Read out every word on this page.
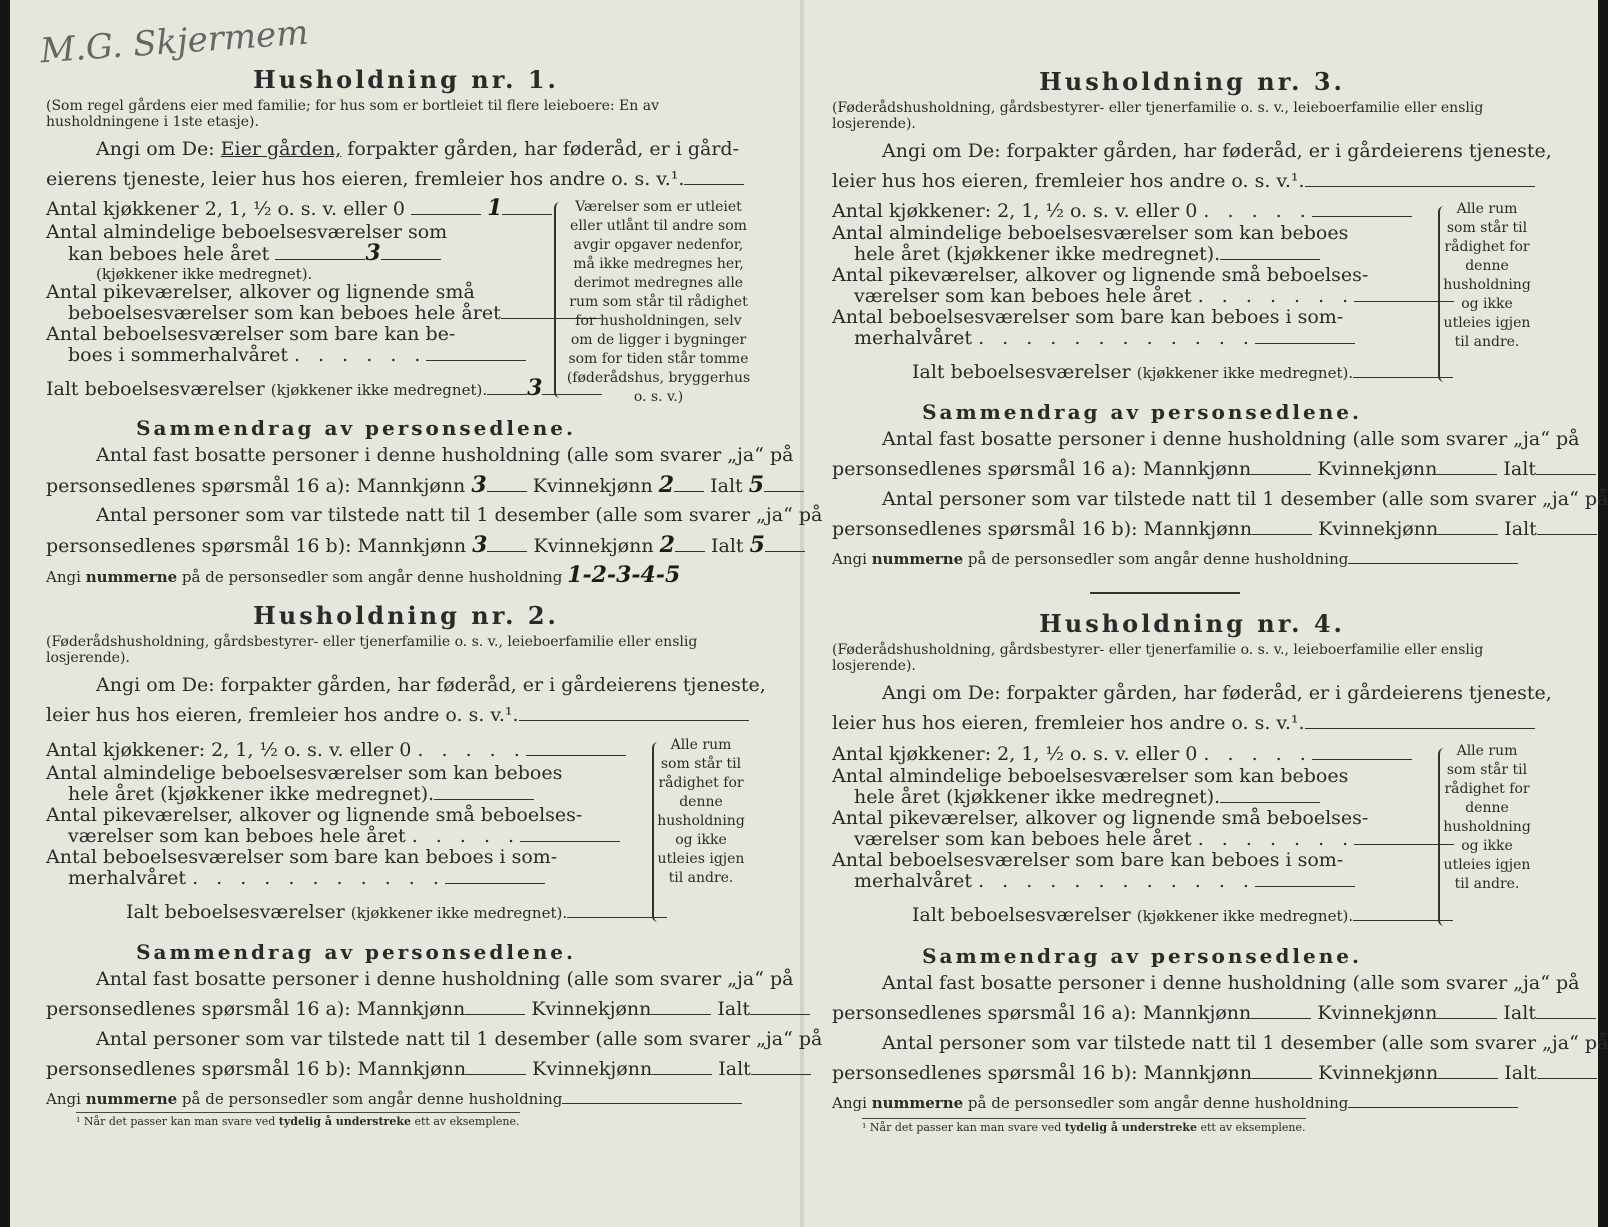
M.G. Skjermem
Husholdning nr. 1.
(Som regel gårdens eier med familie; for hus som er bortleiet til flere leieboere: En av husholdningene i 1ste etasje).
Angi om De: Eier gården, forpakter gården, har føderåd, er i gård-
eierens tjeneste, leier hus hos eieren, fremleier hos andre o. s. v.¹.
Antal kjøkkener 2, 1, ½ o. s. v. eller 0	1
Antal almindelige beboelsesværelser som
kan beboes hele året	3
(kjøkkener ikke medregnet).
Antal pikeværelser, alkover og lignende små
beboelsesværelser som kan beboes hele året
Antal beboelsesværelser som bare kan be-
boes i sommerhalvåret . . . . . .
Ialt beboelsesværelser (kjøkkener ikke medregnet). 3
Værelser som er utleiet eller utlånt til andre som avgir opgaver nedenfor, må ikke medregnes her, derimot medregnes alle rum som står til rådighet for husholdningen, selv om de ligger i bygninger som for tiden står tomme (føderådshus, bryggerhus o. s. v.)
Sammendrag av personsedlene.
Antal fast bosatte personer i denne husholdning (alle som svarer „ja“ på
personsedlenes spørsmål 16 a): Mannkjønn 3 Kvinnekjønn 2 Ialt 5
Antal personer som var tilstede natt til 1 desember (alle som svarer „ja“ på
personsedlenes spørsmål 16 b): Mannkjønn 3 Kvinnekjønn 2 Ialt 5
Angi nummerne på de personsedler som angår denne husholdning 1-2-3-4-5
Husholdning nr. 2.
(Føderådshusholdning, gårdsbestyrer- eller tjenerfamilie o. s. v., leieboerfamilie eller enslig losjerende).
Angi om De: forpakter gården, har føderåd, er i gårdeierens tjeneste,
leier hus hos eieren, fremleier hos andre o. s. v.¹.
Antal kjøkkener: 2, 1, ½ o. s. v. eller 0 . . . . .
Antal almindelige beboelsesværelser som kan beboes
hele året (kjøkkener ikke medregnet).
Antal pikeværelser, alkover og lignende små beboelses-
værelser som kan beboes hele året . . . . .
Antal beboelsesværelser som bare kan beboes i som-
merhalvåret . . . . . . . . . . .
Ialt beboelsesværelser (kjøkkener ikke medregnet).
Alle rum som står til rådighet for denne husholdning og ikke utleies igjen til andre.
Sammendrag av personsedlene.
Antal fast bosatte personer i denne husholdning (alle som svarer „ja“ på
personsedlenes spørsmål 16 a): Mannkjønn	Kvinnekjønn	Ialt
Antal personer som var tilstede natt til 1 desember (alle som svarer „ja“ på
personsedlenes spørsmål 16 b): Mannkjønn	Kvinnekjønn	Ialt
Angi nummerne på de personsedler som angår denne husholdning
¹ Når det passer kan man svare ved tydelig å understreke ett av eksemplene.
Husholdning nr. 3.
(Føderådshusholdning, gårdsbestyrer- eller tjenerfamilie o. s. v., leieboerfamilie eller enslig losjerende).
Angi om De: forpakter gården, har føderåd, er i gårdeierens tjeneste,
leier hus hos eieren, fremleier hos andre o. s. v.¹.
Antal kjøkkener: 2, 1, ½ o. s. v. eller 0 . . . . .
Antal almindelige beboelsesværelser som kan beboes
hele året (kjøkkener ikke medregnet).
Antal pikeværelser, alkover og lignende små beboelses-
værelser som kan beboes hele året . . . . . . .
Antal beboelsesværelser som bare kan beboes i som-
merhalvåret . . . . . . . . . . . .
Ialt beboelsesværelser (kjøkkener ikke medregnet).
Alle rum som står til rådighet for denne husholdning og ikke utleies igjen til andre.
Sammendrag av personsedlene.
Antal fast bosatte personer i denne husholdning (alle som svarer „ja“ på
personsedlenes spørsmål 16 a): Mannkjønn	Kvinnekjønn	Ialt
Antal personer som var tilstede natt til 1 desember (alle som svarer „ja“ på
personsedlenes spørsmål 16 b): Mannkjønn	Kvinnekjønn	Ialt
Angi nummerne på de personsedler som angår denne husholdning
Husholdning nr. 4.
(Føderådshusholdning, gårdsbestyrer- eller tjenerfamilie o. s. v., leieboerfamilie eller enslig losjerende).
Angi om De: forpakter gården, har føderåd, er i gårdeierens tjeneste,
leier hus hos eieren, fremleier hos andre o. s. v.¹.
Antal kjøkkener: 2, 1, ½ o. s. v. eller 0 . . . . .
Antal almindelige beboelsesværelser som kan beboes
hele året (kjøkkener ikke medregnet).
Antal pikeværelser, alkover og lignende små beboelses-
værelser som kan beboes hele året . . . . . . .
Antal beboelsesværelser som bare kan beboes i som-
merhalvåret . . . . . . . . . . . .
Ialt beboelsesværelser (kjøkkener ikke medregnet).
Alle rum som står til rådighet for denne husholdning og ikke utleies igjen til andre.
Sammendrag av personsedlene.
Antal fast bosatte personer i denne husholdning (alle som svarer „ja“ på
personsedlenes spørsmål 16 a): Mannkjønn	Kvinnekjønn	Ialt
Antal personer som var tilstede natt til 1 desember (alle som svarer „ja“ på
personsedlenes spørsmål 16 b): Mannkjønn	Kvinnekjønn	Ialt
Angi nummerne på de personsedler som angår denne husholdning
¹ Når det passer kan man svare ved tydelig å understreke ett av eksemplene.
